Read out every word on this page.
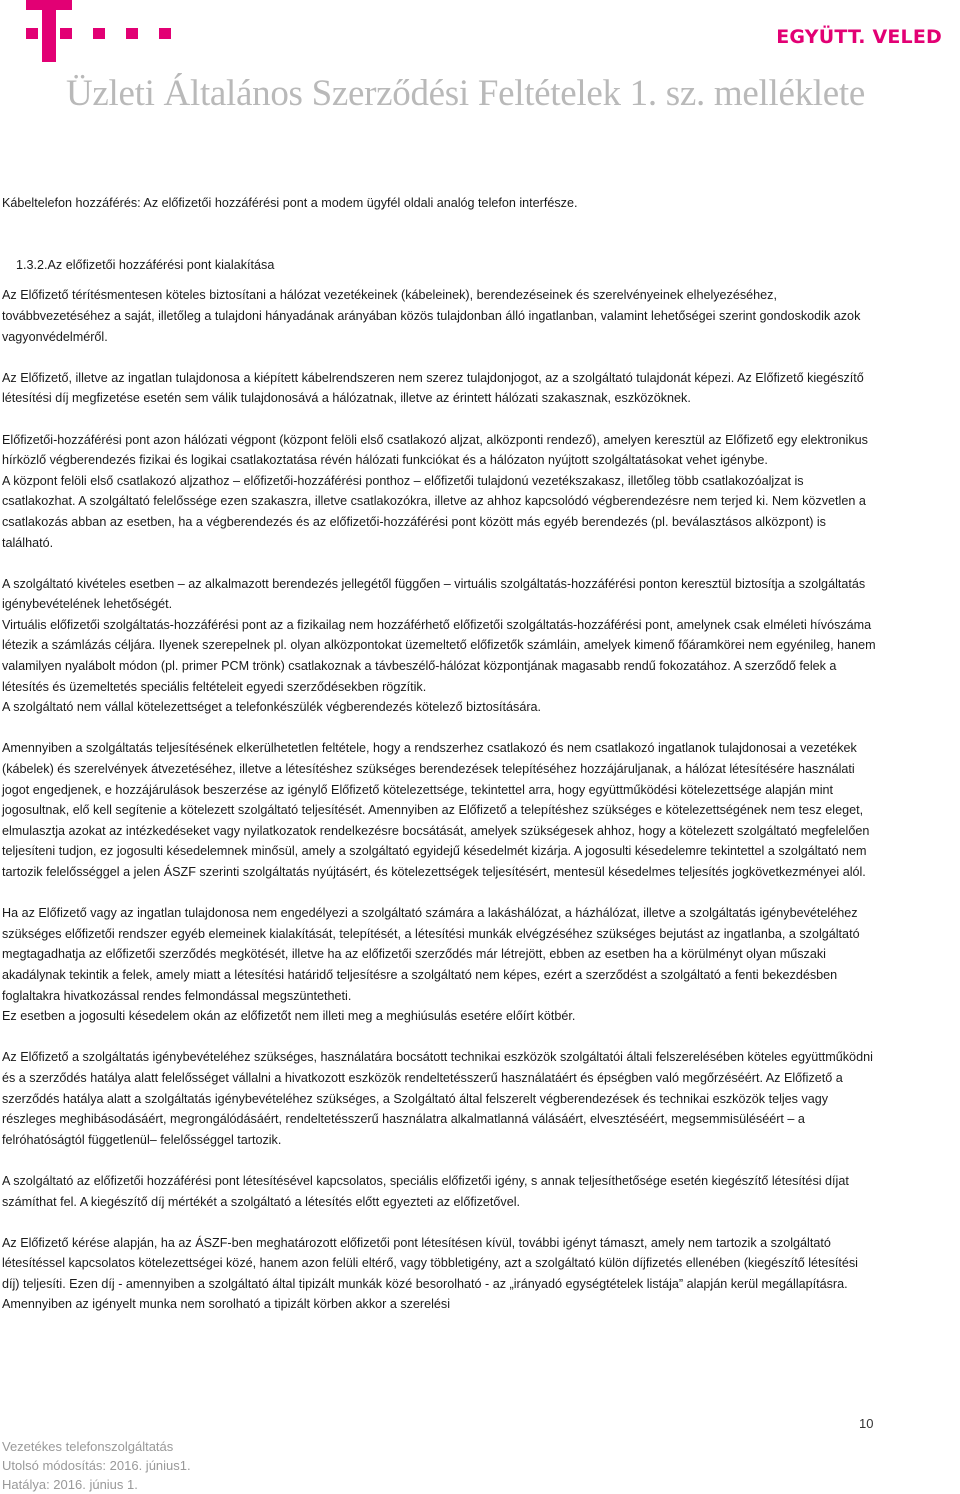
EGYÜTT. VELED
Üzleti Általános Szerződési Feltételek 1. sz. melléklete

Kábeltelefon hozzáférés: Az előfizetői hozzáférési pont a modem ügyfél oldali analóg telefon interfésze.

1.3.2.Az előfizetői hozzáférési pont kialakítása

Az Előfizető térítésmentesen köteles biztosítani a hálózat vezetékeinek (kábeleinek), berendezéseinek és szerelvényeinek elhelyezéséhez, továbbvezetéséhez a saját, illetőleg a tulajdoni hányadának arányában közös tulajdonban álló ingatlanban, valamint lehetőségei szerint gondoskodik azok vagyonvédelméről.

Az Előfizető, illetve az ingatlan tulajdonosa a kiépített kábelrendszeren nem szerez tulajdonjogot, az a szolgáltató tulajdonát képezi. Az Előfizető kiegészítő létesítési díj megfizetése esetén sem válik tulajdonosává a hálózatnak, illetve az érintett hálózati szakasznak, eszközöknek.

Előfizetői-hozzáférési pont azon hálózati végpont (központ felöli első csatlakozó aljzat, alközponti rendező), amelyen keresztül az Előfizető egy elektronikus hírközlő végberendezés fizikai és logikai csatlakoztatása révén hálózati funkciókat és a hálózaton nyújtott szolgáltatásokat vehet igénybe.

A központ felöli első csatlakozó aljzathoz – előfizetői-hozzáférési ponthoz – előfizetői tulajdonú vezetékszakasz, illetőleg több csatlakozóaljzat is csatlakozhat. A szolgáltató felelőssége ezen szakaszra, illetve csatlakozókra, illetve az ahhoz kapcsolódó végberendezésre nem terjed ki. Nem közvetlen a csatlakozás abban az esetben, ha a végberendezés és az előfizetői-hozzáférési pont között más egyéb berendezés (pl. beválasztásos alközpont) is található.

A szolgáltató kivételes esetben – az alkalmazott berendezés jellegétől függően – virtuális szolgáltatás-hozzáférési ponton keresztül biztosítja a szolgáltatás igénybevételének lehetőségét.

Virtuális előfizetői szolgáltatás-hozzáférési pont az a fizikailag nem hozzáférhető előfizetői szolgáltatás-hozzáférési pont, amelynek csak elméleti hívószáma létezik a számlázás céljára. Ilyenek szerepelnek pl. olyan alközpontokat üzemeltető előfizetők számláin, amelyek kimenő főáramkörei nem egyénileg, hanem valamilyen nyalábolt módon (pl. primer PCM trönk) csatlakoznak a távbeszélő-hálózat központjának magasabb rendű fokozatához. A szerződő felek a létesítés és üzemeltetés speciális feltételeit egyedi szerződésekben rögzítik.

A szolgáltató nem vállal kötelezettséget a telefonkészülék végberendezés kötelező biztosítására.

Amennyiben a szolgáltatás teljesítésének elkerülhetetlen feltétele, hogy a rendszerhez csatlakozó és nem csatlakozó ingatlanok tulajdonosai a vezetékek (kábelek) és szerelvények átvezetéséhez, illetve a létesítéshez szükséges berendezések telepítéséhez hozzájáruljanak, a hálózat létesítésére használati jogot engedjenek, e hozzájárulások beszerzése az igénylő Előfizető kötelezettsége, tekintettel arra, hogy együttműködési kötelezettsége alapján mint jogosultnak, elő kell segítenie a kötelezett szolgáltató teljesítését. Amennyiben az Előfizető a telepítéshez szükséges e kötelezettségének nem tesz eleget, elmulasztja azokat az intézkedéseket vagy nyilatkozatok rendelkezésre bocsátását, amelyek szükségesek ahhoz, hogy a kötelezett szolgáltató megfelelően teljesíteni tudjon, ez jogosulti késedelemnek minősül, amely a szolgáltató egyidejű késedelmét kizárja. A jogosulti késedelemre tekintettel a szolgáltató nem tartozik felelősséggel a jelen ÁSZF szerinti szolgáltatás nyújtásért, és kötelezettségek teljesítésért, mentesül késedelmes teljesítés jogkövetkezményei alól.

Ha az Előfizető vagy az ingatlan tulajdonosa nem engedélyezi a szolgáltató számára a lakáshálózat, a házhálózat, illetve a szolgáltatás igénybevételéhez szükséges előfizetői rendszer egyéb elemeinek kialakítását, telepítését, a létesítési munkák elvégzéséhez szükséges bejutást az ingatlanba, a szolgáltató megtagadhatja az előfizetői szerződés megkötését, illetve ha az előfizetői szerződés már létrejött, ebben az esetben ha a körülményt olyan műszaki akadálynak tekintik a felek, amely miatt a létesítési határidő teljesítésre a szolgáltató nem képes, ezért a szerződést a szolgáltató a fenti bekezdésben foglaltakra hivatkozással rendes felmondással megszüntetheti.

Ez esetben a jogosulti késedelem okán az előfizetőt nem illeti meg a meghiúsulás esetére előírt kötbér.

Az Előfizető a szolgáltatás igénybevételéhez szükséges, használatára bocsátott technikai eszközök szolgáltatói általi felszerelésében köteles együttműködni és a szerződés hatálya alatt felelősséget vállalni a hivatkozott eszközök rendeltetésszerű használatáért és épségben való megőrzéséért. Az Előfizető a szerződés hatálya alatt a szolgáltatás igénybevételéhez szükséges, a Szolgáltató által felszerelt végberendezések és technikai eszközök teljes vagy részleges meghibásodásáért, megrongálódásáért, rendeltetésszerű használatra alkalmatlanná válásáért, elvesztéséért, megsemmisüléséért – a felróhatóságtól függetlenül– felelősséggel tartozik.

A szolgáltató az előfizetői hozzáférési pont létesítésével kapcsolatos, speciális előfizetői igény, s annak teljesíthetősége esetén kiegészítő létesítési díjat számíthat fel. A kiegészítő díj mértékét a szolgáltató a létesítés előtt egyezteti az előfizetővel.

Az Előfizető kérése alapján, ha az ÁSZF-ben meghatározott előfizetői pont létesítésen kívül, további igényt támaszt, amely nem tartozik a szolgáltató létesítéssel kapcsolatos kötelezettségei közé, hanem azon felüli eltérő, vagy többletigény, azt a szolgáltató külön díjfizetés ellenében (kiegészítő létesítési díj) teljesíti. Ezen díj - amennyiben a szolgáltató által tipizált munkák közé besorolható - az „irányadó egységtételek listája” alapján kerül megállapításra. Amennyiben az igényelt munka nem sorolható a tipizált körben akkor a szerelési

10
Vezetékes telefonszolgáltatás
Utolsó módosítás: 2016. június1.
Hatálya: 2016. június 1.
